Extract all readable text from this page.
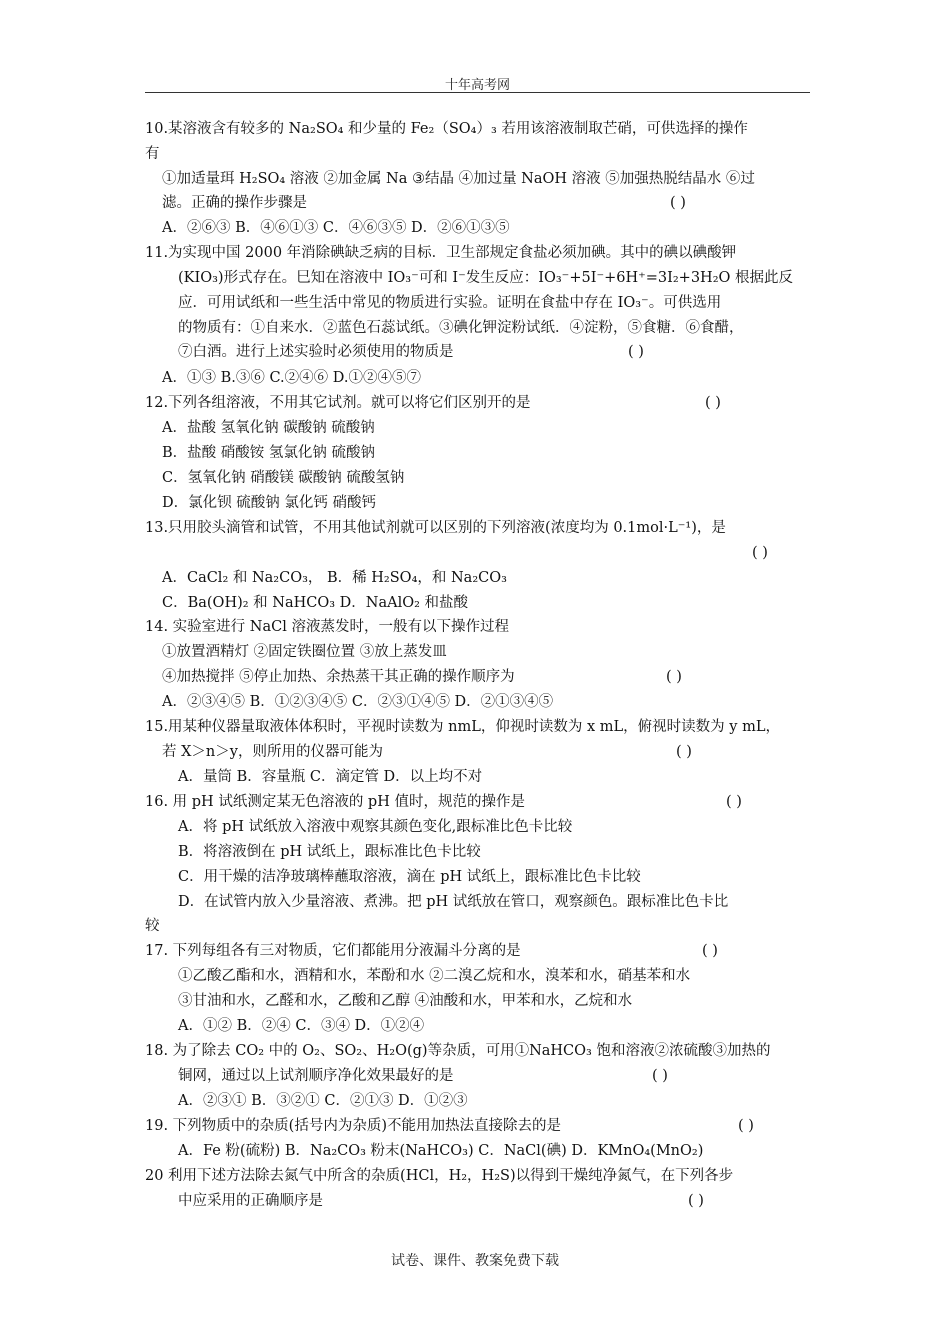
十年高考网
10.某溶液含有较多的 Na₂SO₄ 和少量的 Fe₂（SO₄）₃ 若用该溶液制取芒硝，可供选择的操作
有
①加适量珥 H₂SO₄ 溶液 ②加金属 Na ③结晶 ④加过量 NaOH 溶液 ⑤加强热脱结晶水 ⑥过
滤。正确的操作步骤是	( )
A．②⑥③ B．④⑥①③ C．④⑥③⑤ D．②⑥①③⑤
11.为实现中国 2000 年消除碘缺乏病的目标．卫生部规定食盐必须加碘。其中的碘以碘酸钾
(KIO₃)形式存在。巳知在溶液中 IO₃⁻可和 I⁻发生反应：IO₃⁻+5I⁻+6H⁺=3I₂+3H₂O 根据此反
应．可用试纸和一些生活中常见的物质进行实验。证明在食盐中存在 IO₃⁻。可供选用
的物质有：①自来水．②蓝色石蕊试纸。③碘化钾淀粉试纸．④淀粉，⑤食糖．⑥食醋，
⑦白酒。进行上述实验时必须使用的物质是	( )
A．①③ B.③⑥ C.②④⑥ D.①②④⑤⑦
12.下列各组溶液，不用其它试剂。就可以将它们区别开的是	( )
A．盐酸 氢氧化钠 碳酸钠 硫酸钠
B．盐酸 硝酸铵 氢氯化钠 硫酸钠
C．氢氧化钠 硝酸镁 碳酸钠 硫酸氢钠
D．氯化钡 硫酸钠 氯化钙 硝酸钙
13.只用胶头滴管和试管，不用其他试剂就可以区别的下列溶液(浓度均为 0.1mol·L⁻¹)，是
( )
A．CaCl₂ 和 Na₂CO₃， B．稀 H₂SO₄，和 Na₂CO₃
C．Ba(OH)₂ 和 NaHCO₃ D．NaAlO₂ 和盐酸
14. 实验室进行 NaCl 溶液蒸发时，一般有以下操作过程
①放置酒精灯 ②固定铁圈位置 ③放上蒸发皿
④加热搅拌 ⑤停止加热、余热蒸干其正确的操作顺序为	( )
A．②③④⑤ B．①②③④⑤ C．②③①④⑤ D．②①③④⑤
15.用某种仪器量取液体体积时，平视时读数为 nmL，仰视时读数为 x mL，俯视时读数为 y mL，
若 X＞n＞y，则所用的仪器可能为	( )
A．量筒 B．容量瓶 C．滴定管 D．以上均不对
16. 用 pH 试纸测定某无色溶液的 pH 值时，规范的操作是	( )
A．将 pH 试纸放入溶液中观察其颜色变化,跟标准比色卡比较
B．将溶液倒在 pH 试纸上，跟标准比色卡比较
C．用干燥的洁净玻璃棒蘸取溶液，滴在 pH 试纸上，跟标准比色卡比较
D．在试管内放入少量溶液、煮沸。把 pH 试纸放在管口，观察颜色。跟标准比色卡比
较
17. 下列每组各有三对物质，它们都能用分液漏斗分离的是	( )
①乙酸乙酯和水，酒精和水，苯酚和水 ②二溴乙烷和水，溴苯和水，硝基苯和水
③甘油和水，乙醛和水，乙酸和乙醇 ④油酸和水，甲苯和水，乙烷和水
A．①② B．②④ C．③④ D．①②④
18. 为了除去 CO₂ 中的 O₂、SO₂、H₂O(g)等杂质，可用①NaHCO₃ 饱和溶液②浓硫酸③加热的
铜网，通过以上试剂顺序净化效果最好的是	( )
A．②③① B．③②① C．②①③ D．①②③
19. 下列物质中的杂质(括号内为杂质)不能用加热法直接除去的是	( )
A．Fe 粉(硫粉) B．Na₂CO₃ 粉末(NaHCO₃) C．NaCl(碘) D．KMnO₄(MnO₂)
20 利用下述方法除去氮气中所含的杂质(HCl，H₂，H₂S)以得到干燥纯净氮气，在下列各步
中应采用的正确顺序是	( )
试卷、课件、教案免费下载
